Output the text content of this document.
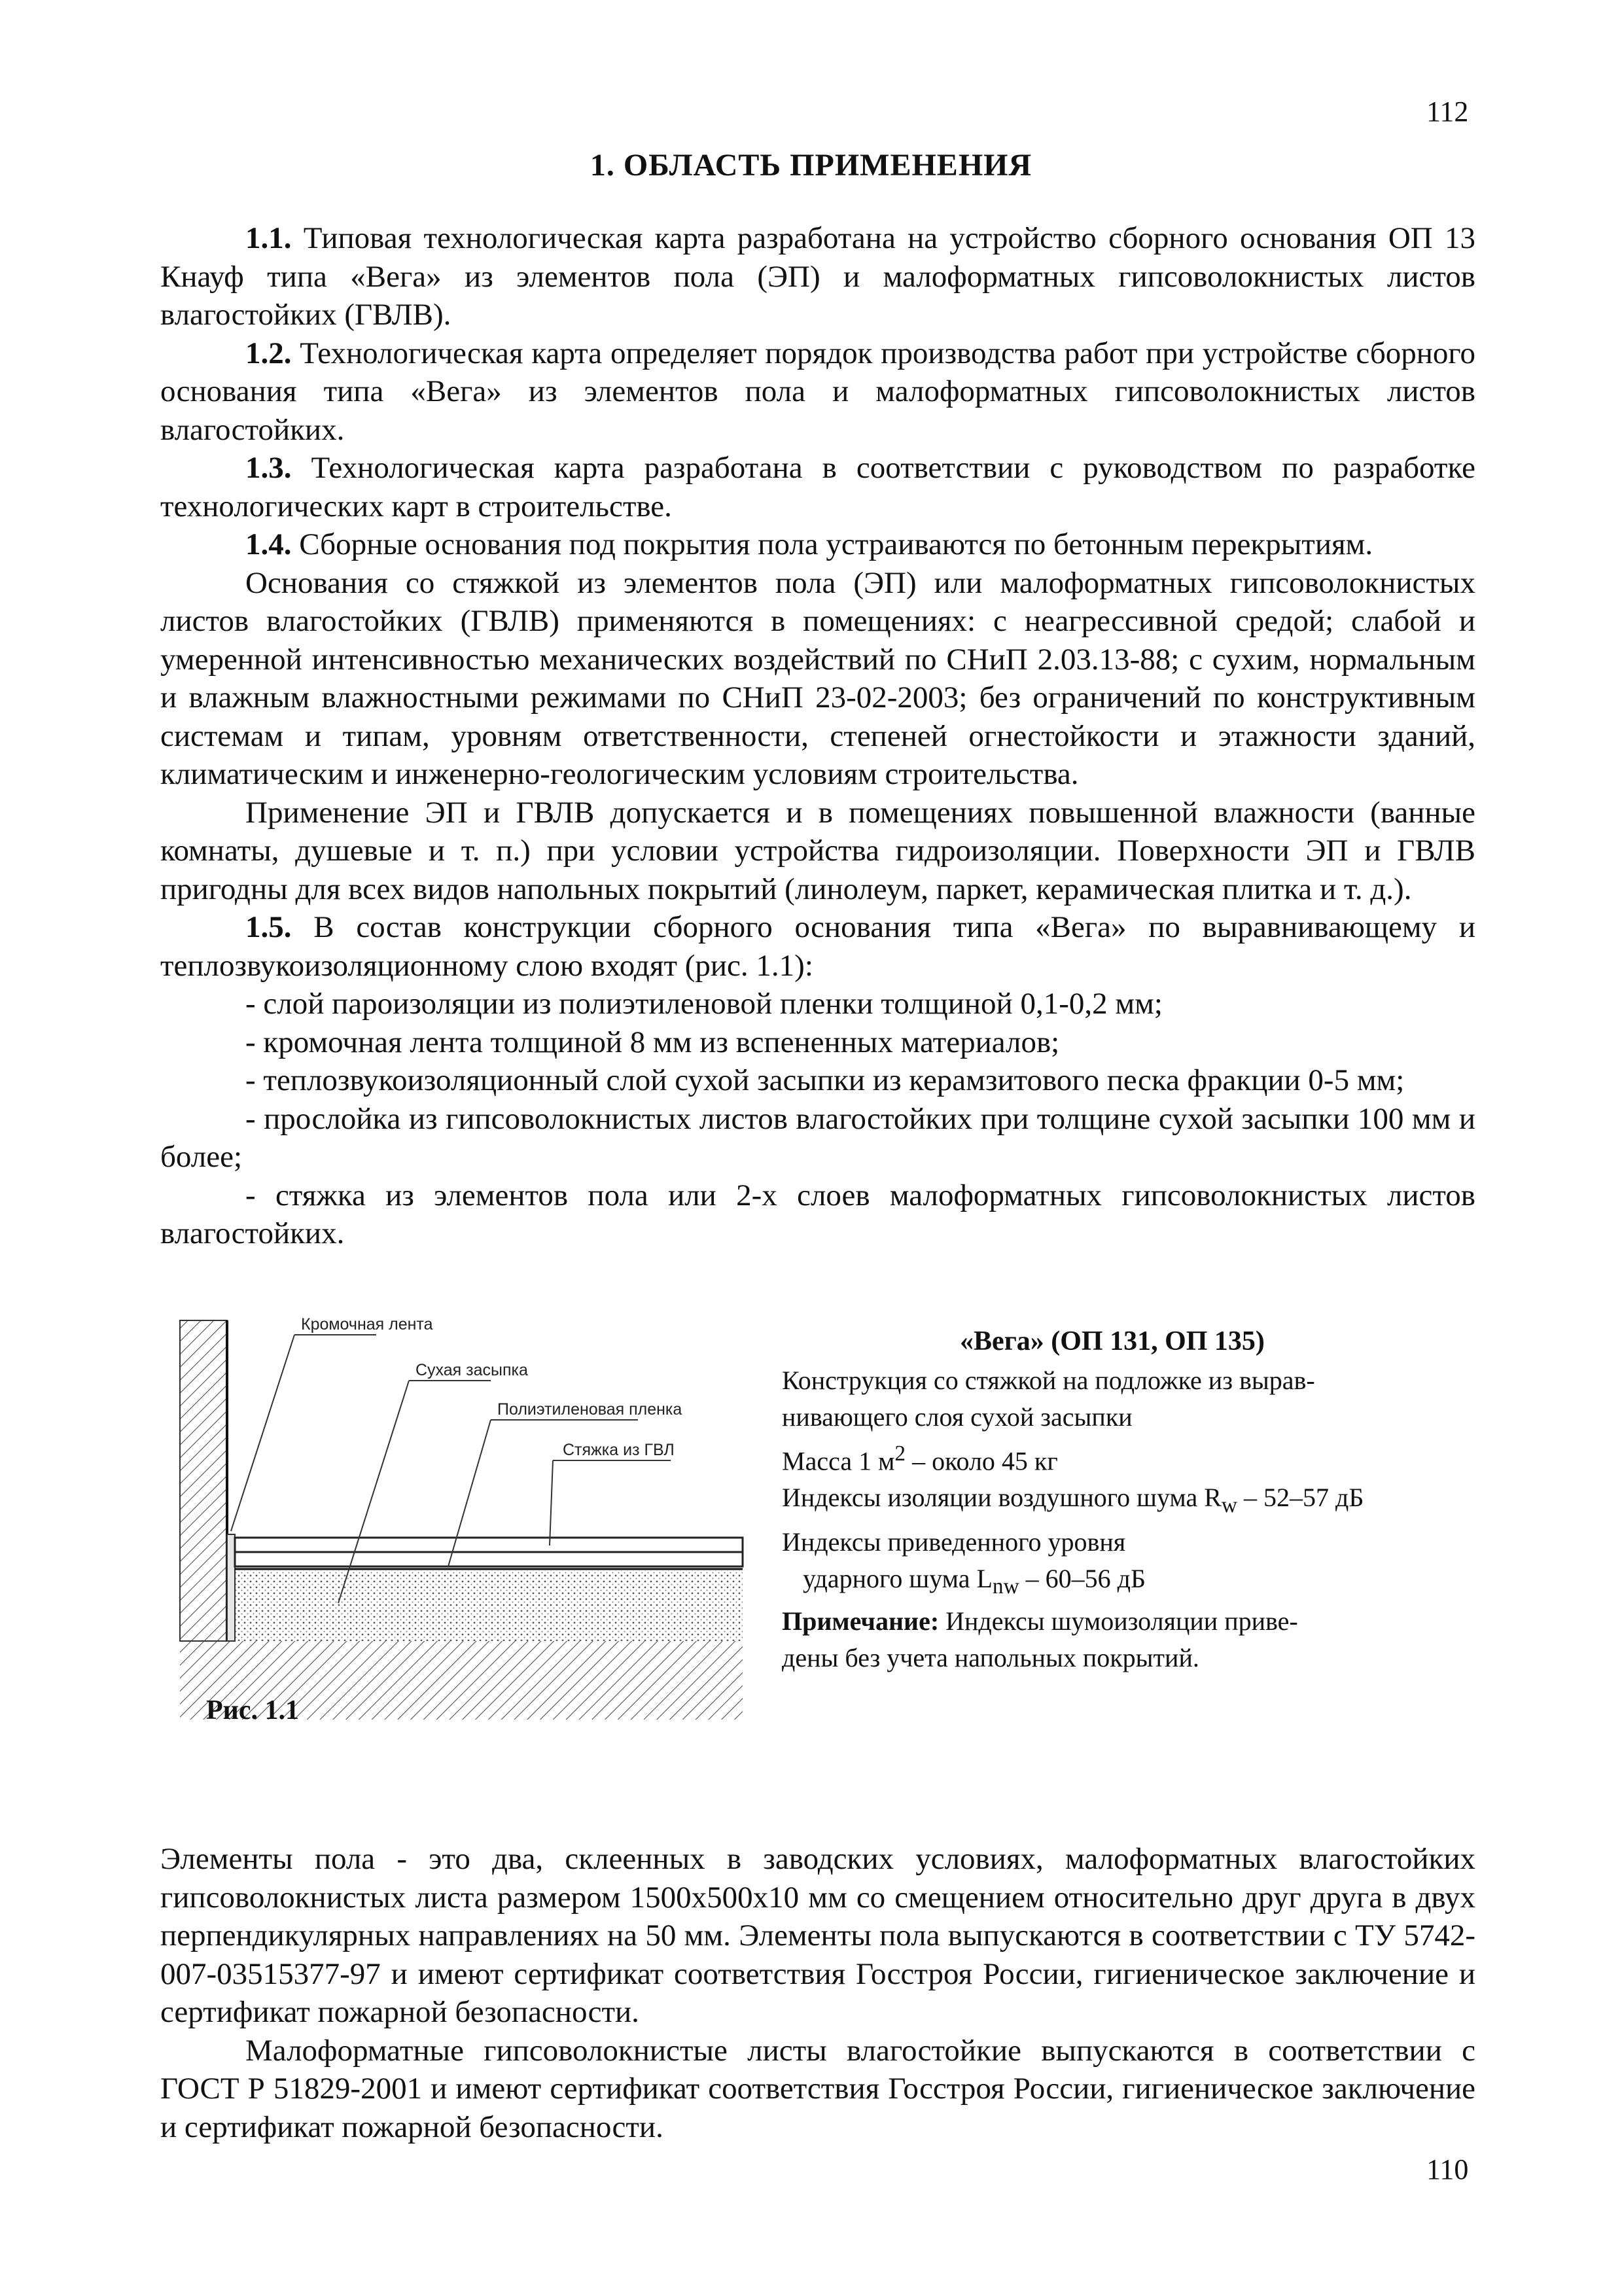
112
1. ОБЛАСТЬ ПРИМЕНЕНИЯ

1.1. Типовая технологическая карта разработана на устройство сборного основания ОП 13 Кнауф типа «Вега» из элементов пола (ЭП) и малоформатных гипсоволокнистых листов влагостойких (ГВЛВ).

1.2. Технологическая карта определяет порядок производства работ при устройстве сборного основания типа «Вега» из элементов пола и малоформатных гипсоволокнистых листов влагостойких.

1.3. Технологическая карта разработана в соответствии с руководством по разработке технологических карт в строительстве.

1.4. Сборные основания под покрытия пола устраиваются по бетонным перекрытиям.

Основания со стяжкой из элементов пола (ЭП) или малоформатных гипсоволокнистых листов влагостойких (ГВЛВ) применяются в помещениях: с неагрессивной средой; слабой и умеренной интенсивностью механических воздействий по СНиП 2.03.13-88; с сухим, нормальным и влажным влажностными режимами по СНиП 23-02-2003; без ограничений по конструктивным системам и типам, уровням ответственности, степеней огнестойкости и этажности зданий, климатическим и инженерно-геологическим условиям строительства.

Применение ЭП и ГВЛВ допускается и в помещениях повышенной влажности (ванные комнаты, душевые и т. п.) при условии устройства гидроизоляции. Поверхности ЭП и ГВЛВ пригодны для всех видов напольных покрытий (линолеум, паркет, керамическая плитка и т. д.).

1.5. В состав конструкции сборного основания типа «Вега» по выравнивающему и теплозвукоизоляционному слою входят (рис. 1.1):

- слой пароизоляции из полиэтиленовой пленки толщиной 0,1-0,2 мм;

- кромочная лента толщиной 8 мм из вспененных материалов;

- теплозвукоизоляционный слой сухой засыпки из керамзитового песка фракции 0-5 мм;

- прослойка из гипсоволокнистых листов влагостойких при толщине сухой засыпки 100 мм и более;

- стяжка из элементов пола или 2-х слоев малоформатных гипсоволокнистых листов влагостойких.

Кромочная лента
Сухая засыпка
Полиэтиленовая пленка
Стяжка из ГВЛ
Рис. 1.1
«Вега» (ОП 131, ОП 135)
Конструкция со стяжкой на подложке из вырав-
нивающего слоя сухой засыпки
Масса 1 $м^2$ – около 45 кг
Индексы изоляции воздушного шума $R_w - 52-57$ дБ
Индексы приведенного уровня
ударного шума $L_{nw} - 60-56$ дБ
Примечание: Индексы шумоизоляции приве-
дены без учета напольных покрытий.

Элементы пола - это два, склеенных в заводских условиях, малоформатных влагостойких гипсоволокнистых листа размером 1500х500х10 мм со смещением относительно друг друга в двух перпендикулярных направлениях на 50 мм. Элементы пола выпускаются в соответствии с ТУ 5742-007-03515377-97 и имеют сертификат соответствия Госстроя России, гигиеническое заключение и сертификат пожарной безопасности.

Малоформатные гипсоволокнистые листы влагостойкие выпускаются в соответствии с ГОСТ Р 51829-2001 и имеют сертификат соответствия Госстроя России, гигиеническое заключение и сертификат пожарной безопасности.

110
